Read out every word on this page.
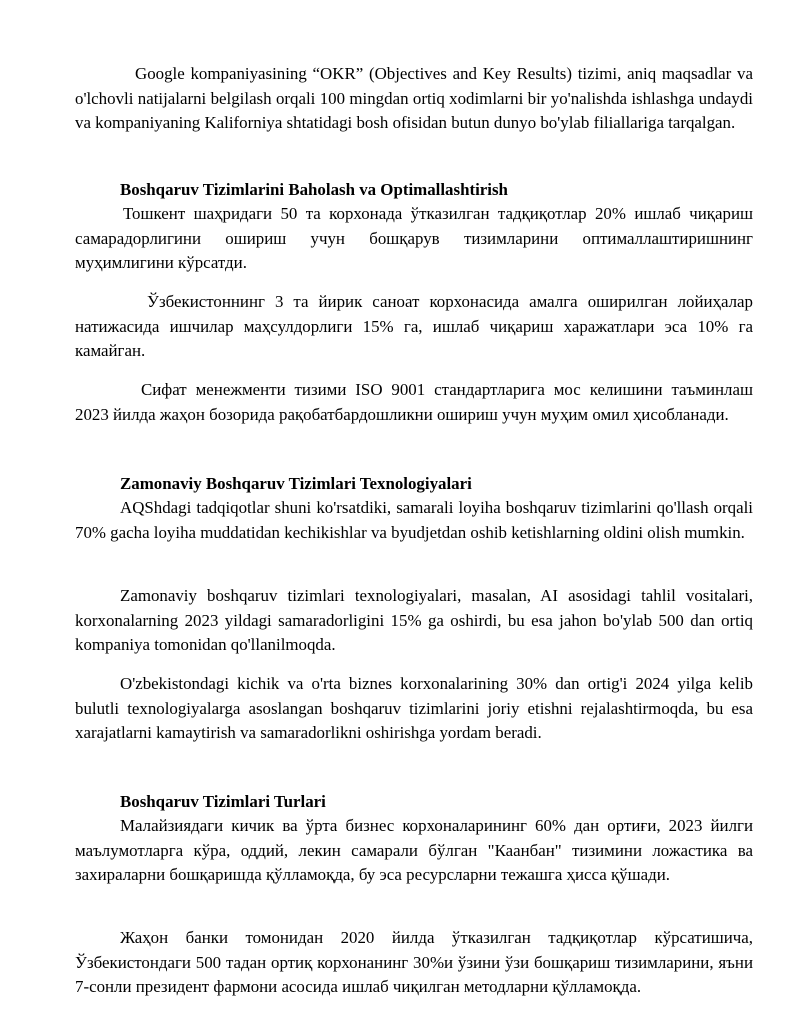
Google kompaniyasining “OKR” (Objectives and Key Results) tizimi, aniq maqsadlar va o'lchovli natijalarni belgilash orqali 100 mingdan ortiq xodimlarni bir yo'nalishda ishlashga undaydi va kompaniyaning Kaliforniya shtatidagi bosh ofisidan butun dunyo bo'ylab filiallariga tarqalgan.

Boshqaruv Tizimlarini Baholash va Optimallashtirish

Тошкент шаҳридаги 50 та корхонада ўтказилган тадқиқотлар 20% ишлаб чиқариш самарадорлигини ошириш учун бошқарув тизимларини оптималлаштиришнинг муҳимлигини кўрсатди.

Ўзбекистоннинг 3 та йирик саноат корхонасида амалга оширилган лойиҳалар натижасида ишчилар маҳсулдорлиги 15% га, ишлаб чиқариш харажатлари эса 10% га камайган.

Сифат менежменти тизими ISO 9001 стандартларига мос келишини таъминлаш 2023 йилда жаҳон бозорида рақобатбардошликни ошириш учун муҳим омил ҳисобланади.

Zamonaviy Boshqaruv Tizimlari Texnologiyalari

AQShdagi tadqiqotlar shuni ko'rsatdiki, samarali loyiha boshqaruv tizimlarini qo'llash orqali 70% gacha loyiha muddatidan kechikishlar va byudjetdan oshib ketishlarning oldini olish mumkin.

Zamonaviy boshqaruv tizimlari texnologiyalari, masalan, AI asosidagi tahlil vositalari, korxonalarning 2023 yildagi samaradorligini 15% ga oshirdi, bu esa jahon bo'ylab 500 dan ortiq kompaniya tomonidan qo'llanilmoqda.

O'zbekistondagi kichik va o'rta biznes korxonalarining 30% dan ortig'i 2024 yilga kelib bulutli texnologiyalarga asoslangan boshqaruv tizimlarini joriy etishni rejalashtirmoqda, bu esa xarajatlarni kamaytirish va samaradorlikni oshirishga yordam beradi.

Boshqaruv Tizimlari Turlari

Малайзиядаги кичик ва ўрта бизнес корхоналарининг 60% дан ортиғи, 2023 йилги маълумотларга кўра, оддий, лекин самарали бўлган "Каанбан" тизимини ложастика ва захираларни бошқаришда қўлламоқда, бу эса ресурсларни тежашга ҳисса қўшади.

Жаҳон банки томонидан 2020 йилда ўтказилган тадқиқотлар кўрсатишича, Ўзбекистондаги 500 тадан ортиқ корхонанинг 30%и ўзини ўзи бошқариш тизимларини, яъни 7-сонли президент фармони асосида ишлаб чиқилган методларни қўлламоқда.
